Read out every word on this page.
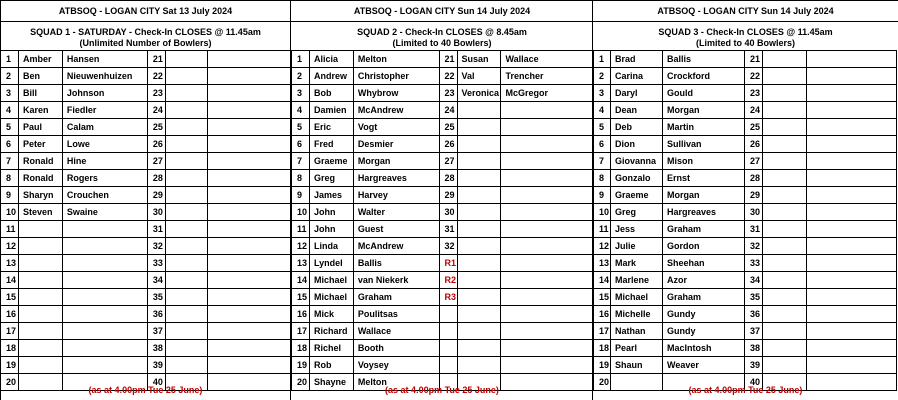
ATBSOQ - LOGAN CITY Sat 13 July 2024
SQUAD 1 - SATURDAY - Check-In CLOSES @ 11.45am
(Unlimited Number of Bowlers)
1	Amber	Hansen	21		
2	Ben	Nieuwenhuizen	22		
3	Bill	Johnson	23		
4	Karen	Fiedler	24		
5	Paul	Calam	25		
6	Peter	Lowe	26		
7	Ronald	Hine	27		
8	Ronald	Rogers	28		
9	Sharyn	Crouchen	29		
10	Steven	Swaine	30		
11			31		
12			32		
13			33		
14			34		
15			35		
16			36		
17			37		
18			38		
19			39		
20			40		
(as at 4.00pm Tue 25 June)
ATBSOQ - LOGAN CITY Sun 14 July 2024
SQUAD 2 - Check-In CLOSES @ 8.45am
(Limited to 40 Bowlers)
1	Alicia	Melton	21	Susan	Wallace
2	Andrew	Christopher	22	Val	Trencher
3	Bob	Whybrow	23	Veronica	McGregor
4	Damien	McAndrew	24		
5	Eric	Vogt	25		
6	Fred	Desmier	26		
7	Graeme	Morgan	27		
8	Greg	Hargreaves	28		
9	James	Harvey	29		
10	John	Walter	30		
11	John	Guest	31		
12	Linda	McAndrew	32		
13	Lyndel	Ballis	R1		
14	Michael	van Niekerk	R2		
15	Michael	Graham	R3		
16	Mick	Poulitsas			
17	Richard	Wallace			
18	Richel	Booth			
19	Rob	Voysey			
20	Shayne	Melton			
(as at 4.00pm Tue 25 June)
ATBSOQ - LOGAN CITY Sun 14 July 2024
SQUAD 3 - Check-In CLOSES @ 11.45am
(Limited to 40 Bowlers)
1	Brad	Ballis	21		
2	Carina	Crockford	22		
3	Daryl	Gould	23		
4	Dean	Morgan	24		
5	Deb	Martin	25		
6	Dion	Sullivan	26		
7	Giovanna	Mison	27		
8	Gonzalo	Ernst	28		
9	Graeme	Morgan	29		
10	Greg	Hargreaves	30		
11	Jess	Graham	31		
12	Julie	Gordon	32		
13	Mark	Sheehan	33		
14	Marlene	Azor	34		
15	Michael	Graham	35		
16	Michelle	Gundy	36		
17	Nathan	Gundy	37		
18	Pearl	MacIntosh	38		
19	Shaun	Weaver	39		
20			40		
(as at 4.00pm Tue 25 June)
